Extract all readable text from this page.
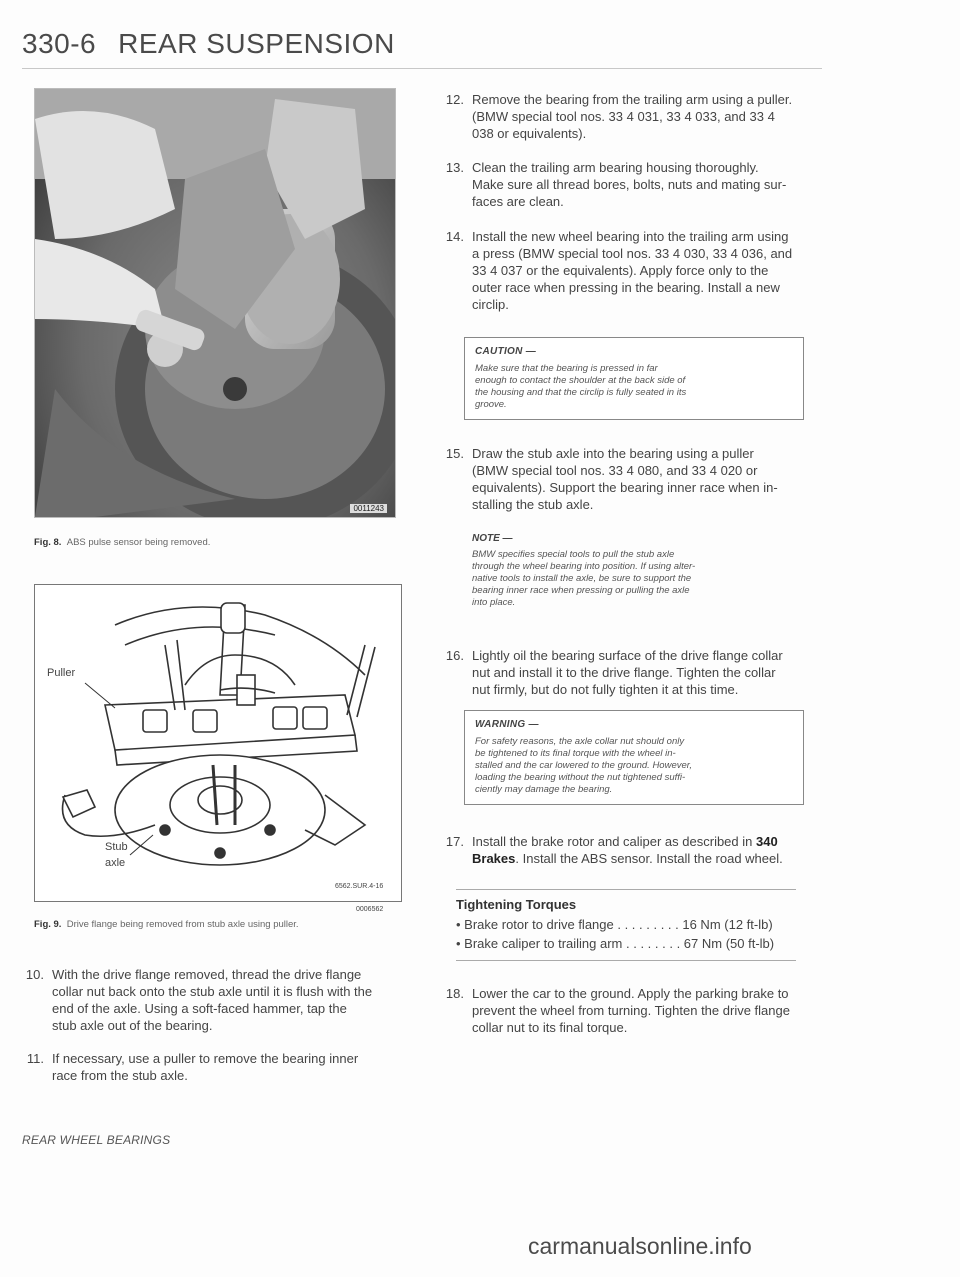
330-6 REAR SUSPENSION
0011243
Fig. 8. ABS pulse sensor being removed.
Puller
Stub
axle
6562.SUR.4-16
0006562
Fig. 9. Drive flange being removed from stub axle using puller.
10. With the drive flange removed, thread the drive flange
collar nut back onto the stub axle until it is flush with the
end of the axle. Using a soft-faced hammer, tap the
stub axle out of the bearing.
11. If necessary, use a puller to remove the bearing inner
race from the stub axle.
12. Remove the bearing from the trailing arm using a puller.
(BMW special tool nos. 33 4 031, 33 4 033, and 33 4
038 or equivalents).
13. Clean the trailing arm bearing housing thoroughly.
Make sure all thread bores, bolts, nuts and mating sur-
faces are clean.
14. Install the new wheel bearing into the trailing arm using
a press (BMW special tool nos. 33 4 030, 33 4 036, and
33 4 037 or the equivalents). Apply force only to the
outer race when pressing in the bearing. Install a new
circlip.
CAUTION —
Make sure that the bearing is pressed in far
enough to contact the shoulder at the back side of
the housing and that the circlip is fully seated in its
groove.
15. Draw the stub axle into the bearing using a puller
(BMW special tool nos. 33 4 080, and 33 4 020 or
equivalents). Support the bearing inner race when in-
stalling the stub axle.
NOTE —
BMW specifies special tools to pull the stub axle
through the wheel bearing into position. If using alter-
native tools to install the axle, be sure to support the
bearing inner race when pressing or pulling the axle
into place.
16. Lightly oil the bearing surface of the drive flange collar
nut and install it to the drive flange. Tighten the collar
nut firmly, but do not fully tighten it at this time.
WARNING —
For safety reasons, the axle collar nut should only
be tightened to its final torque with the wheel in-
stalled and the car lowered to the ground. However,
loading the bearing without the nut tightened suffi-
ciently may damage the bearing.
17. Install the brake rotor and caliper as described in 340
Brakes. Install the ABS sensor. Install the road wheel.
Tightening Torques
• Brake rotor to drive flange . . . . . . . . . 16 Nm (12 ft-lb)
• Brake caliper to trailing arm . . . . . . . . 67 Nm (50 ft-lb)
18. Lower the car to the ground. Apply the parking brake to
prevent the wheel from turning. Tighten the drive flange
collar nut to its final torque.
REAR WHEEL BEARINGS
carmanualsonline.info
